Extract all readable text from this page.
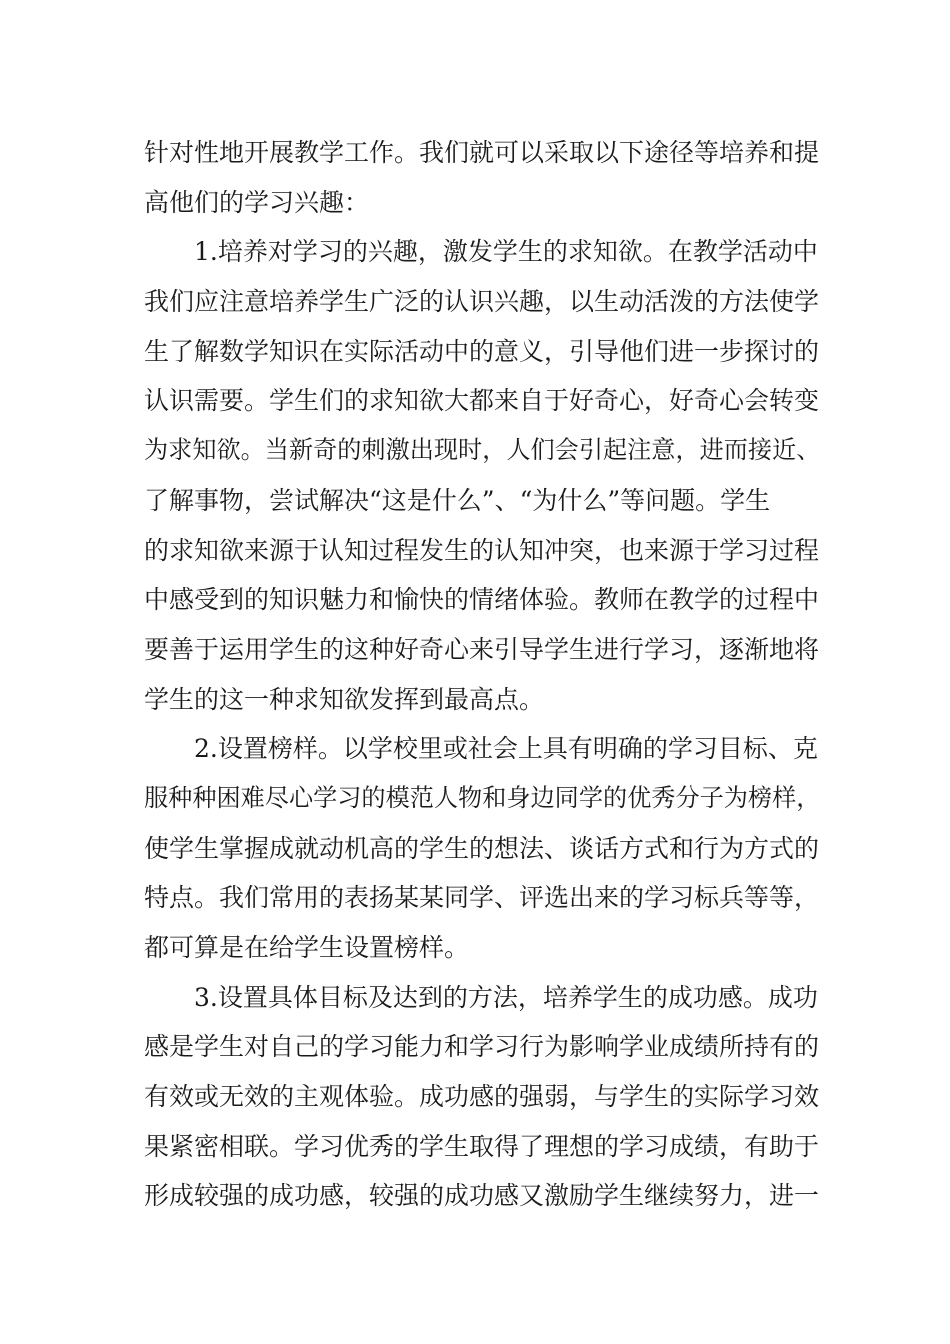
针对性地开展教学工作。我们就可以采取以下途径等培养和提
高他们的学习兴趣：
1.培养对学习的兴趣，激发学生的求知欲。在教学活动中
我们应注意培养学生广泛的认识兴趣，以生动活泼的方法使学
生了解数学知识在实际活动中的意义，引导他们进一步探讨的
认识需要。学生们的求知欲大都来自于好奇心，好奇心会转变
为求知欲。当新奇的刺激出现时，人们会引起注意，进而接近、
了解事物，尝试解决“这是什么”、“为什么”等问题。学生
的求知欲来源于认知过程发生的认知冲突，也来源于学习过程
中感受到的知识魅力和愉快的情绪体验。教师在教学的过程中
要善于运用学生的这种好奇心来引导学生进行学习，逐渐地将
学生的这一种求知欲发挥到最高点。
2.设置榜样。以学校里或社会上具有明确的学习目标、克
服种种困难尽心学习的模范人物和身边同学的优秀分子为榜样，
使学生掌握成就动机高的学生的想法、谈话方式和行为方式的
特点。我们常用的表扬某某同学、评选出来的学习标兵等等，
都可算是在给学生设置榜样。
3.设置具体目标及达到的方法，培养学生的成功感。成功
感是学生对自己的学习能力和学习行为影响学业成绩所持有的
有效或无效的主观体验。成功感的强弱，与学生的实际学习效
果紧密相联。学习优秀的学生取得了理想的学习成绩，有助于
形成较强的成功感，较强的成功感又激励学生继续努力，进一
